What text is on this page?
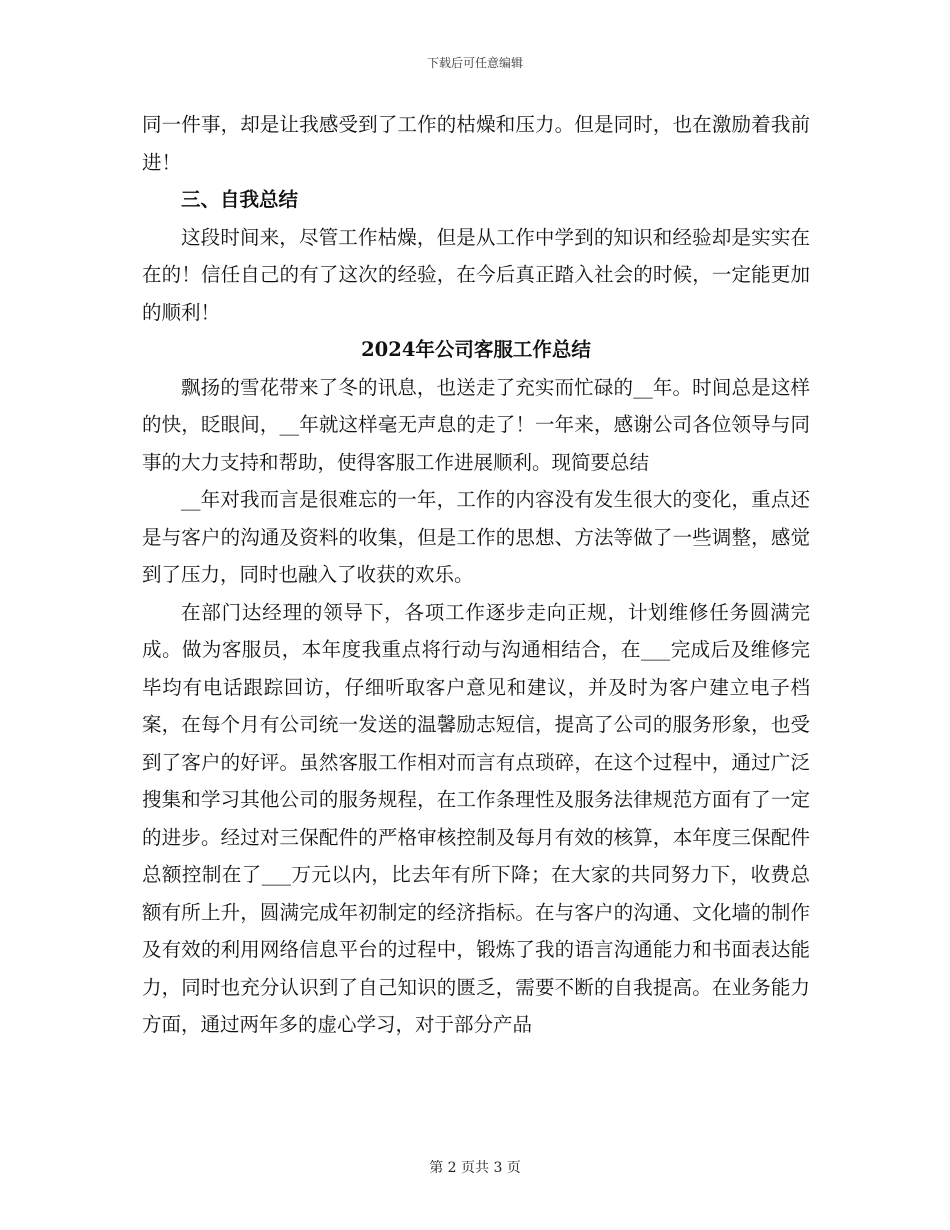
下载后可任意编辑

同一件事，却是让我感受到了工作的枯燥和压力。但是同时，也在激励着我前进！

三、自我总结

这段时间来，尽管工作枯燥，但是从工作中学到的知识和经验却是实实在在的！信任自己的有了这次的经验，在今后真正踏入社会的时候，一定能更加的顺利！

2024年公司客服工作总结

飘扬的雪花带来了冬的讯息，也送走了充实而忙碌的__年。时间总是这样的快，眨眼间，__年就这样毫无声息的走了！一年来，感谢公司各位领导与同事的大力支持和帮助，使得客服工作进展顺利。现简要总结

__年对我而言是很难忘的一年，工作的内容没有发生很大的变化，重点还是与客户的沟通及资料的收集，但是工作的思想、方法等做了一些调整，感觉到了压力，同时也融入了收获的欢乐。

在部门达经理的领导下，各项工作逐步走向正规，计划维修任务圆满完成。做为客服员，本年度我重点将行动与沟通相结合，在___完成后及维修完毕均有电话跟踪回访，仔细听取客户意见和建议，并及时为客户建立电子档案，在每个月有公司统一发送的温馨励志短信，提高了公司的服务形象，也受到了客户的好评。虽然客服工作相对而言有点琐碎，在这个过程中，通过广泛搜集和学习其他公司的服务规程，在工作条理性及服务法律规范方面有了一定的进步。经过对三保配件的严格审核控制及每月有效的核算，本年度三保配件总额控制在了___万元以内，比去年有所下降；在大家的共同努力下，收费总额有所上升，圆满完成年初制定的经济指标。在与客户的沟通、文化墙的制作及有效的利用网络信息平台的过程中，锻炼了我的语言沟通能力和书面表达能力，同时也充分认识到了自己知识的匮乏，需要不断的自我提高。在业务能力方面，通过两年多的虚心学习，对于部分产品

第 2 页共 3 页
